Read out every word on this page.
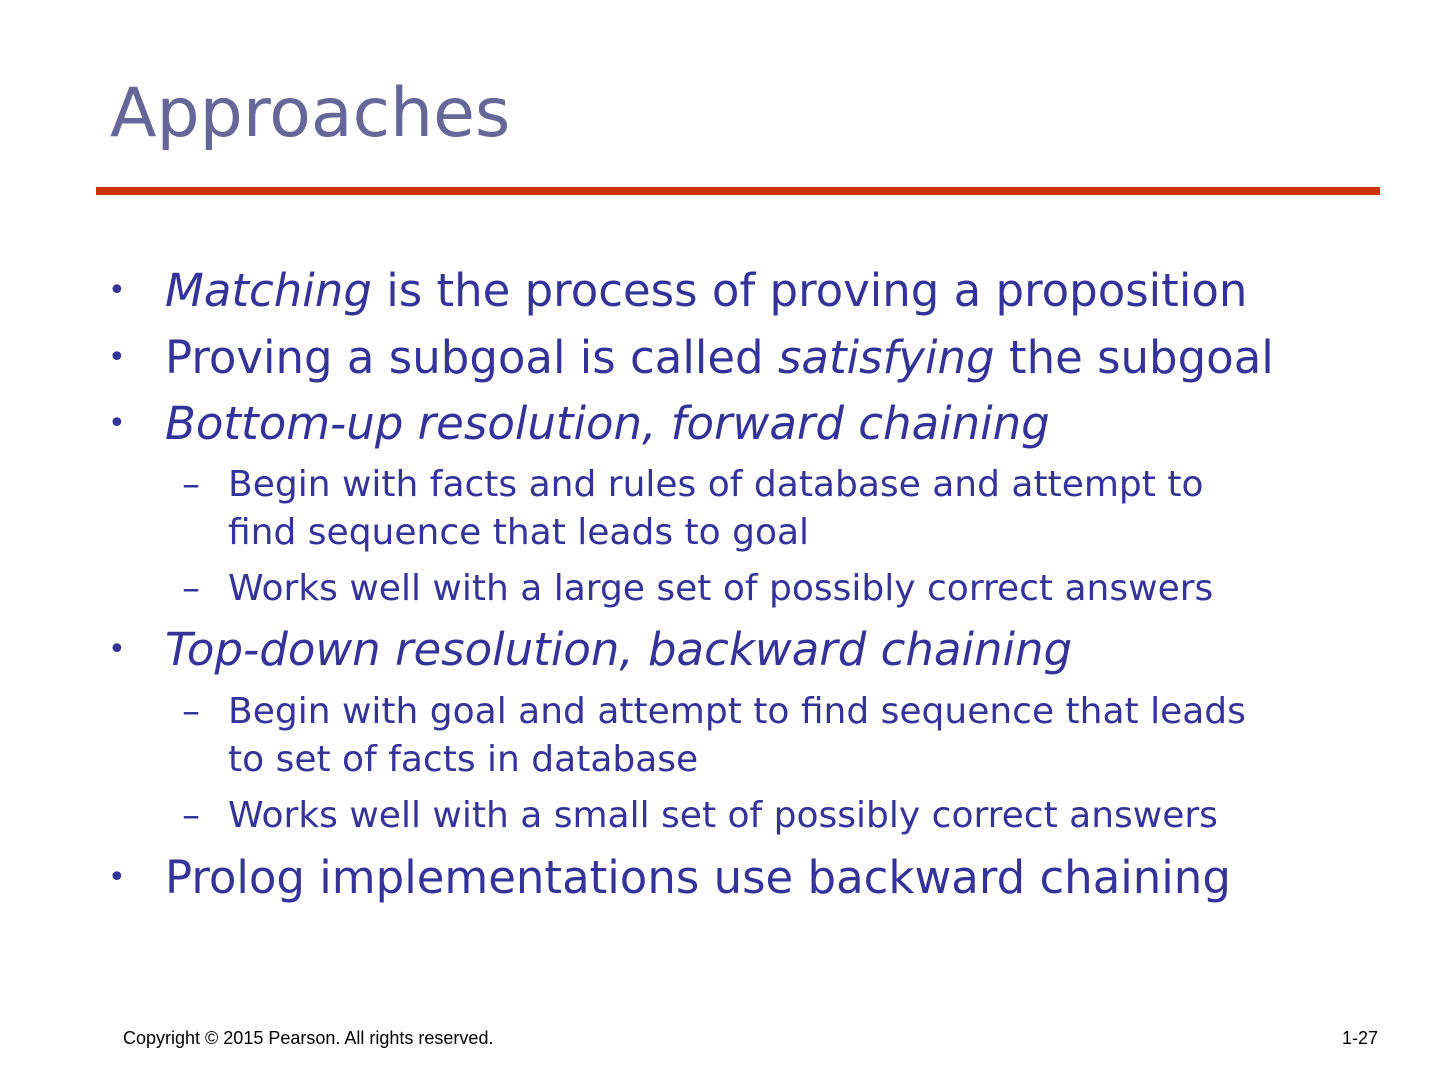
Approaches
• Matching is the process of proving a proposition
• Proving a subgoal is called satisfying the subgoal
• Bottom-up resolution, forward chaining
– Begin with facts and rules of database and attempt to
find sequence that leads to goal
– Works well with a large set of possibly correct answers
• Top-down resolution, backward chaining
– Begin with goal and attempt to find sequence that leads
to set of facts in database
– Works well with a small set of possibly correct answers
• Prolog implementations use backward chaining
Copyright © 2015 Pearson. All rights reserved.	1-27
